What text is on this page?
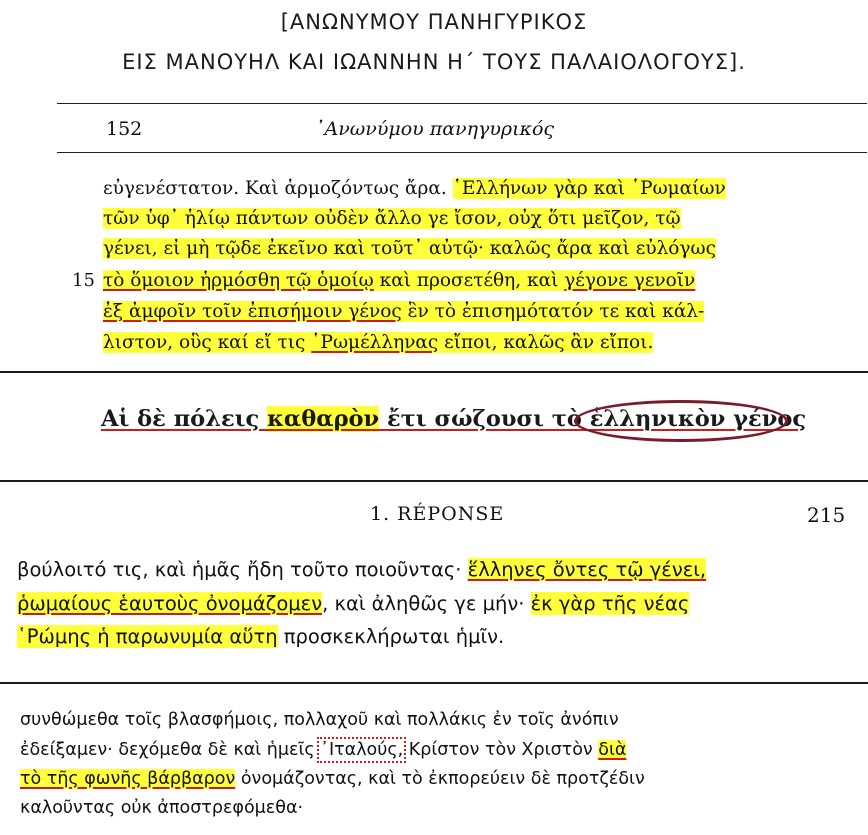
[ΑΝΩΝΥΜΟΥ ΠΑΝΗΓΥΡΙΚΟΣ
ΕΙΣ ΜΑΝΟΥΗΛ ΚΑΙ ΙΩΑΝΝΗΝ Η΄ ΤΟΥΣ ΠΑΛΑΙΟΛΟΓΟΥΣ].
152	᾽Ανωνύμου πανηγυρικός
εὐγενέστατον. Καὶ ἁρμοζόντως ἄρα. ῾Ελλήνων γὰρ καὶ ῾Ρωμαίων
τῶν ὑφ᾽ ἡλίῳ πάντων οὐδὲν ἄλλο γε ἴσον, οὐχ ὅτι μεῖζον, τῷ
γένει, εἰ μὴ τῷδε ἐκεῖνο καὶ τοῦτ᾽ αὐτῷ· καλῶς ἄρα καὶ εὐλόγως
15 τὸ ὅμοιον ἡρμόσθη τῷ ὁμοίῳ καὶ προσετέθη, καὶ γέγονε γενοῖν
ἐξ ἀμφοῖν τοῖν ἐπισήμοιν γένος ἓν τὸ ἐπισημότατόν τε καὶ κάλ-
λιστον, οὓς καί εἴ τις ῾Ρωμέλληνας εἴποι, καλῶς ἂν εἴποι.
Αἱ δὲ πόλεις καθαρὸν ἔτι σώζουσι τὸ ἑλληνικὸν γένος
1. RÉPONSE	215
βούλοιτό τις, καὶ ἡμᾶς ἤδη τοῦτο ποιοῦντας· ἕλληνες ὄντες τῷ γένει,
ῥωμαίους ἑαυτοὺς ὀνομάζομεν, καὶ ἀληθῶς γε μήν· ἐκ γὰρ τῆς νέας
῾Ρώμης ἡ παρωνυμία αὕτη προσκεκλήρωται ἡμῖν.
συνθώμεθα τοῖς βλασφήμοις, πολλαχοῦ καὶ πολλάκις ἐν τοῖς ἀνόπιν
ἐδείξαμεν· δεχόμεθα δὲ καὶ ἡμεῖς ᾽Ιταλούς, Κρίστον τὸν Χριστὸν διὰ
τὸ τῆς φωνῆς βάρβαρον ὀνομάζοντας, καὶ τὸ ἐκπορεύειν δὲ προτζέδιν
καλοῦντας οὐκ ἀποστρεφόμεθα·
